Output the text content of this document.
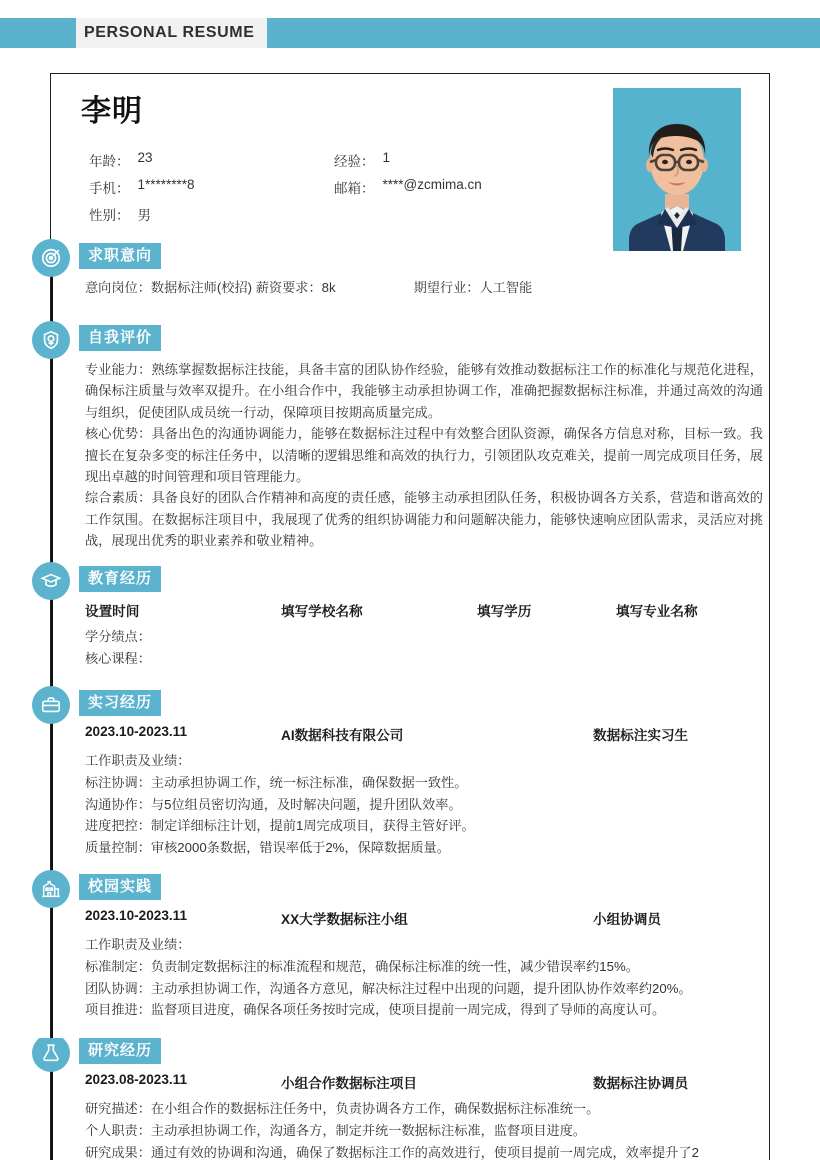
PERSONAL RESUME
李明
年龄： 23	经验： 1
手机： 1********8	邮箱： ****@zcmima.cn
性别： 男
求职意向
意向岗位：数据标注师(校招) 薪资要求：8k	期望行业：人工智能
自我评价

专业能力：熟练掌握数据标注技能，具备丰富的团队协作经验，能够有效推动数据标注工作的标准化与规范化进程，确保标注质量与效率双提升。在小组合作中，我能够主动承担协调工作，准确把握数据标注标准，并通过高效的沟通与组织，促使团队成员统一行动，保障项目按期高质量完成。

核心优势：具备出色的沟通协调能力，能够在数据标注过程中有效整合团队资源，确保各方信息对称，目标一致。我擅长在复杂多变的标注任务中，以清晰的逻辑思维和高效的执行力，引领团队攻克难关，提前一周完成项目任务，展现出卓越的时间管理和项目管理能力。

综合素质：具备良好的团队合作精神和高度的责任感，能够主动承担团队任务，积极协调各方关系，营造和谐高效的工作氛围。在数据标注项目中，我展现了优秀的组织协调能力和问题解决能力，能够快速响应团队需求，灵活应对挑战，展现出优秀的职业素养和敬业精神。

教育经历
设置时间	填写学校名称	填写学历	填写专业名称
学分绩点：
核心课程：
实习经历
2023.10-2023.11	AI数据科技有限公司	数据标注实习生
工作职责及业绩：
标注协调：主动承担协调工作，统一标注标准，确保数据一致性。
沟通协作：与5位组员密切沟通，及时解决问题，提升团队效率。
进度把控：制定详细标注计划，提前1周完成项目，获得主管好评。
质量控制：审核2000条数据，错误率低于2%，保障数据质量。
校园实践
2023.10-2023.11	XX大学数据标注小组	小组协调员
工作职责及业绩：
标准制定：负责制定数据标注的标准流程和规范，确保标注标准的统一性，减少错误率约15%。
团队协调：主动承担协调工作，沟通各方意见，解决标注过程中出现的问题，提升团队协作效率约20%。
项目推进：监督项目进度，确保各项任务按时完成，使项目提前一周完成，得到了导师的高度认可。
研究经历
2023.08-2023.11	小组合作数据标注项目	数据标注协调员
研究描述：在小组合作的数据标注任务中，负责协调各方工作，确保数据标注标准统一。
个人职责：主动承担协调工作，沟通各方，制定并统一数据标注标准，监督项目进度。
研究成果：通过有效的协调和沟通，确保了数据标注工作的高效进行，使项目提前一周完成，效率提升了2
